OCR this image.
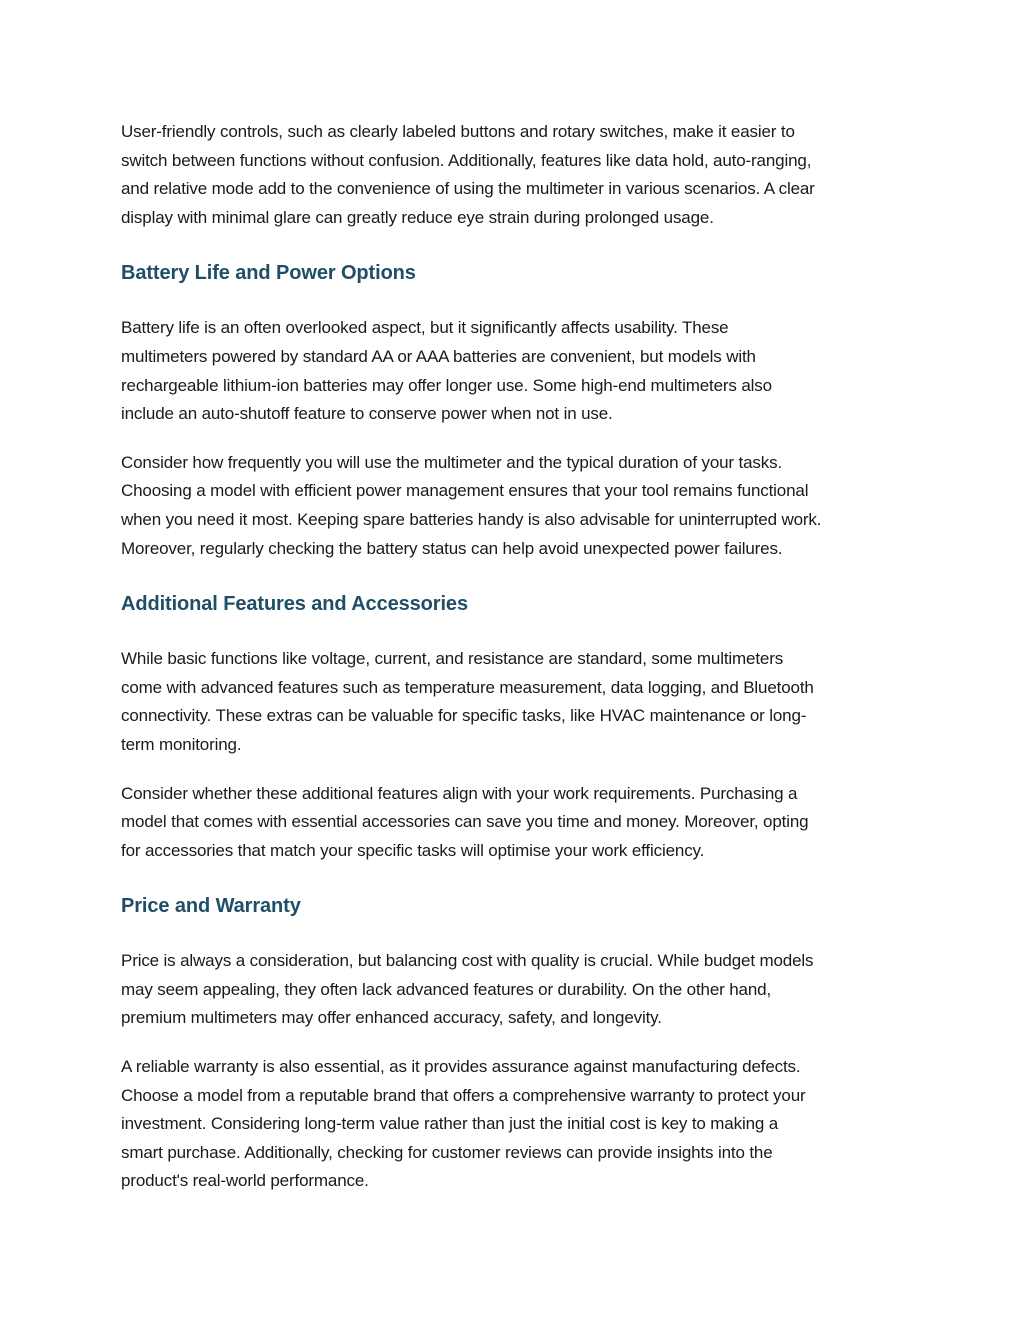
User-friendly controls, such as clearly labeled buttons and rotary switches, make it easier to
switch between functions without confusion. Additionally, features like data hold, auto-ranging,
and relative mode add to the convenience of using the multimeter in various scenarios. A clear
display with minimal glare can greatly reduce eye strain during prolonged usage.

Battery Life and Power Options

Battery life is an often overlooked aspect, but it significantly affects usability. These
multimeters powered by standard AA or AAA batteries are convenient, but models with
rechargeable lithium-ion batteries may offer longer use. Some high-end multimeters also
include an auto-shutoff feature to conserve power when not in use.

Consider how frequently you will use the multimeter and the typical duration of your tasks.
Choosing a model with efficient power management ensures that your tool remains functional
when you need it most. Keeping spare batteries handy is also advisable for uninterrupted work.
Moreover, regularly checking the battery status can help avoid unexpected power failures.

Additional Features and Accessories

While basic functions like voltage, current, and resistance are standard, some multimeters
come with advanced features such as temperature measurement, data logging, and Bluetooth
connectivity. These extras can be valuable for specific tasks, like HVAC maintenance or long-
term monitoring.

Consider whether these additional features align with your work requirements. Purchasing a
model that comes with essential accessories can save you time and money. Moreover, opting
for accessories that match your specific tasks will optimise your work efficiency.

Price and Warranty

Price is always a consideration, but balancing cost with quality is crucial. While budget models
may seem appealing, they often lack advanced features or durability. On the other hand,
premium multimeters may offer enhanced accuracy, safety, and longevity.

A reliable warranty is also essential, as it provides assurance against manufacturing defects.
Choose a model from a reputable brand that offers a comprehensive warranty to protect your
investment. Considering long-term value rather than just the initial cost is key to making a
smart purchase. Additionally, checking for customer reviews can provide insights into the
product's real-world performance.
